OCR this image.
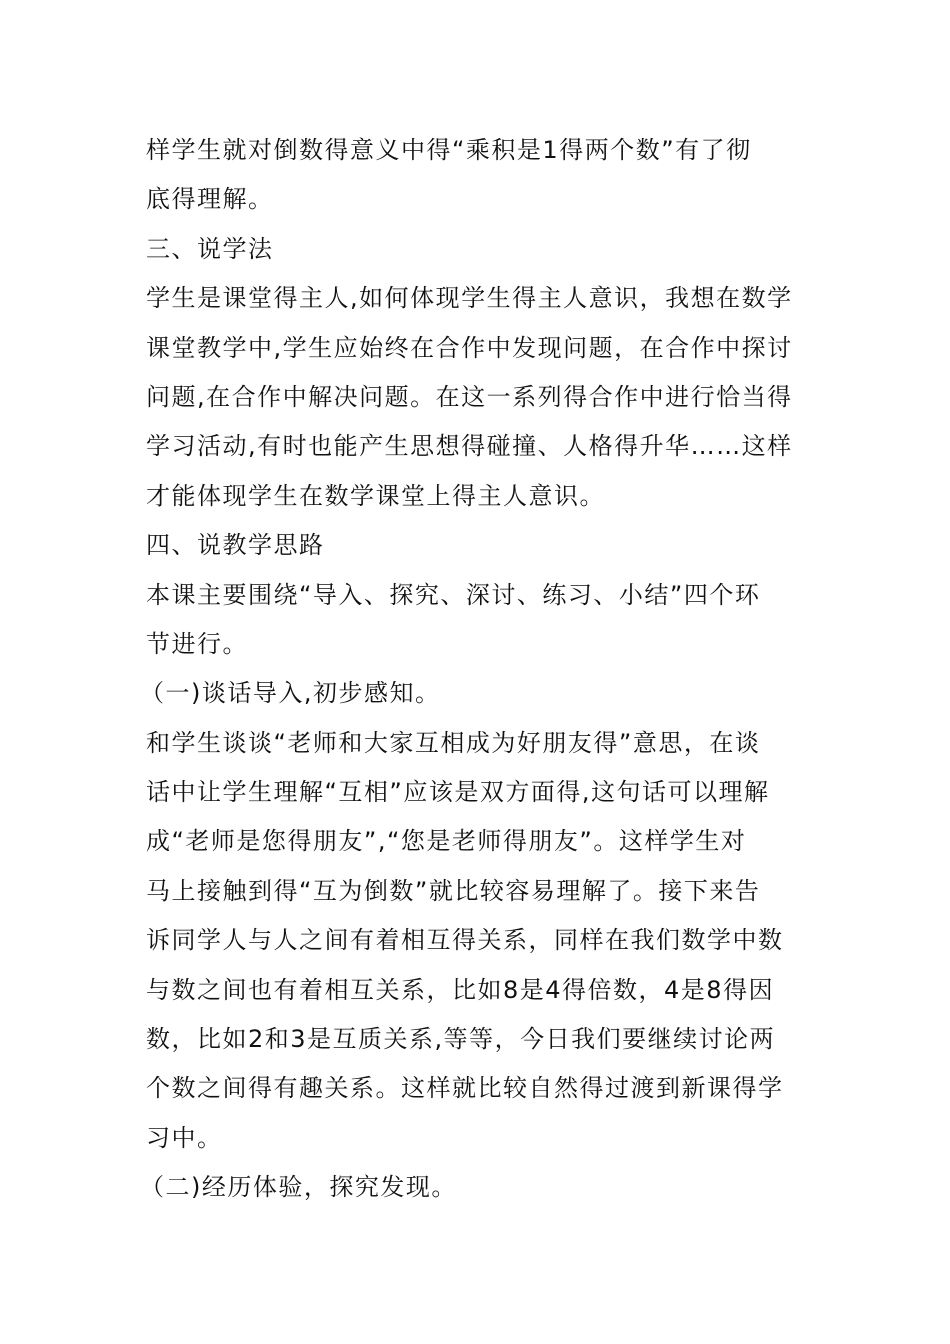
样学生就对倒数得意义中得“乘积是1得两个数”有了彻
底得理解。
三、说学法
学生是课堂得主人,如何体现学生得主人意识，我想在数学
课堂教学中,学生应始终在合作中发现问题，在合作中探讨
问题,在合作中解决问题。在这一系列得合作中进行恰当得
学习活动,有时也能产生思想得碰撞、人格得升华……这样
才能体现学生在数学课堂上得主人意识。
四、说教学思路
本课主要围绕“导入、探究、深讨、练习、小结”四个环
节进行。
（一)谈话导入,初步感知。
和学生谈谈“老师和大家互相成为好朋友得”意思，在谈
话中让学生理解“互相”应该是双方面得,这句话可以理解
成“老师是您得朋友”,“您是老师得朋友”。这样学生对
马上接触到得“互为倒数”就比较容易理解了。接下来告
诉同学人与人之间有着相互得关系，同样在我们数学中数
与数之间也有着相互关系，比如8是4得倍数，4是8得因
数，比如2和3是互质关系,等等，今日我们要继续讨论两
个数之间得有趣关系。这样就比较自然得过渡到新课得学
习中。
（二)经历体验，探究发现。
